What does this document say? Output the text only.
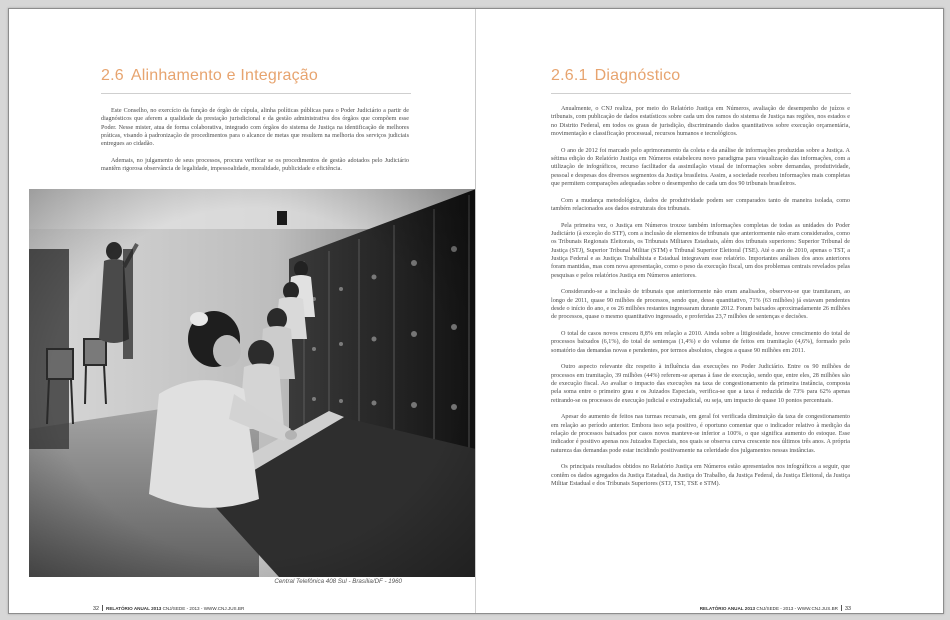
2.6 Alinhamento e Integração

Este Conselho, no exercício da função de órgão de cúpula, alinha políticas públicas para o Poder Judiciário a partir de diagnósticos que aferem a qualidade da prestação jurisdicional e da gestão administrativa dos órgãos que compõem esse Poder. Nesse mister, atua de forma colaborativa, integrado com órgãos do sistema de Justiça na identificação de melhores práticas, visando à padronização de procedimentos para o alcance de metas que resultem na melhoria dos serviços judiciais entregues ao cidadão.

Ademais, no julgamento de seus processos, procura verificar se os procedimentos de gestão adotados pelo Judiciário mantêm rigorosa observância de legalidade, impessoalidade, moralidade, publicidade e eficiência.

Central Telefônica 408 Sul - Brasília/DF - 1960
32 RELATÓRIO ANUAL 2013 CNJ/SEDE - 2013 - WWW.CNJ.JUS.BR
2.6.1 Diagnóstico

Anualmente, o CNJ realiza, por meio do Relatório Justiça em Números, avaliação de desempenho de juízos e tribunais, com publicação de dados estatísticos sobre cada um dos ramos do sistema de Justiça nas regiões, nos estados e no Distrito Federal, em todos os graus de jurisdição, discriminando dados quantitativos sobre execução orçamentária, movimentação e classificação processual, recursos humanos e tecnológicos.

O ano de 2012 foi marcado pelo aprimoramento da coleta e da análise de informações produzidas sobre a Justiça. A sétima edição do Relatório Justiça em Números estabeleceu novo paradigma para visualização das informações, com a utilização de infográficos, recurso facilitador da assimilação visual de informações sobre demandas, produtividade, pessoal e despesas dos diversos segmentos da Justiça brasileira. Assim, a sociedade recebeu informações mais completas que permitem comparações adequadas sobre o desempenho de cada um dos 90 tribunais brasileiros.

Com a mudança metodológica, dados de produtividade podem ser comparados tanto de maneira isolada, como também relacionados aos dados estruturais dos tribunais.

Pela primeira vez, o Justiça em Números trouxe também informações completas de todas as unidades do Poder Judiciário (à exceção do STF), com a inclusão de elementos de tribunais que anteriormente não eram considerados, como os Tribunais Regionais Eleitorais, os Tribunais Militares Estaduais, além dos tribunais superiores: Superior Tribunal de Justiça (STJ), Superior Tribunal Militar (STM) e Tribunal Superior Eleitoral (TSE). Até o ano de 2010, apenas o TST, a Justiça Federal e as Justiças Trabalhista e Estadual integravam esse relatório. Importantes análises dos anos anteriores foram mantidas, mas com nova apresentação, como o peso da execução fiscal, um dos problemas centrais revelados pelas pesquisas e pelos relatórios Justiça em Números anteriores.

Considerando-se a inclusão de tribunais que anteriormente não eram analisados, observou-se que tramitaram, ao longo de 2011, quase 90 milhões de processos, sendo que, desse quantitativo, 71% (63 milhões) já estavam pendentes desde o início do ano, e os 26 milhões restantes ingressaram durante 2012. Foram baixados aproximadamente 26 milhões de processos, quase o mesmo quantitativo ingressado, e proferidas 23,7 milhões de sentenças e decisões.

O total de casos novos cresceu 8,8% em relação a 2010. Ainda sobre a litigiosidade, houve crescimento do total de processos baixados (6,1%), do total de sentenças (1,4%) e do volume de feitos em tramitação (4,6%), formado pelo somatório das demandas novas e pendentes, por termos absolutos, chegou a quase 90 milhões em 2011.

Outro aspecto relevante diz respeito à influência das execuções no Poder Judiciário. Entre os 90 milhões de processos em tramitação, 39 milhões (44%) referem-se apenas à fase de execução, sendo que, entre eles, 28 milhões são de execução fiscal. Ao avaliar o impacto das execuções na taxa de congestionamento da primeira instância, composta pela soma entre o primeiro grau e os Juizados Especiais, verifica-se que a taxa é reduzida de 73% para 62% apenas retirando-se os processos de execução judicial e extrajudicial, ou seja, um impacto de quase 10 pontos percentuais.

Apesar do aumento de feitos nas turmas recursais, em geral foi verificada diminuição da taxa de congestionamento em relação ao período anterior. Embora isso seja positivo, é oportuno comentar que o indicador relativo à medição da relação de processos baixados por casos novos manteve-se inferior a 100%, o que significa aumento do estoque. Esse indicador é positivo apenas nos Juizados Especiais, nos quais se observa curva crescente nos últimos três anos. A própria natureza das demandas pode estar incidindo positivamente na celeridade dos julgamentos nessas instâncias.

Os principais resultados obtidos no Relatório Justiça em Números estão apresentados nos infográficos a seguir, que contêm os dados agregados da Justiça Estadual, da Justiça do Trabalho, da Justiça Federal, da Justiça Eleitoral, da Justiça Militar Estadual e dos Tribunais Superiores (STJ, TST, TSE e STM).

RELATÓRIO ANUAL 2013 CNJ/SEDE - 2013 - WWW.CNJ.JUS.BR 33
